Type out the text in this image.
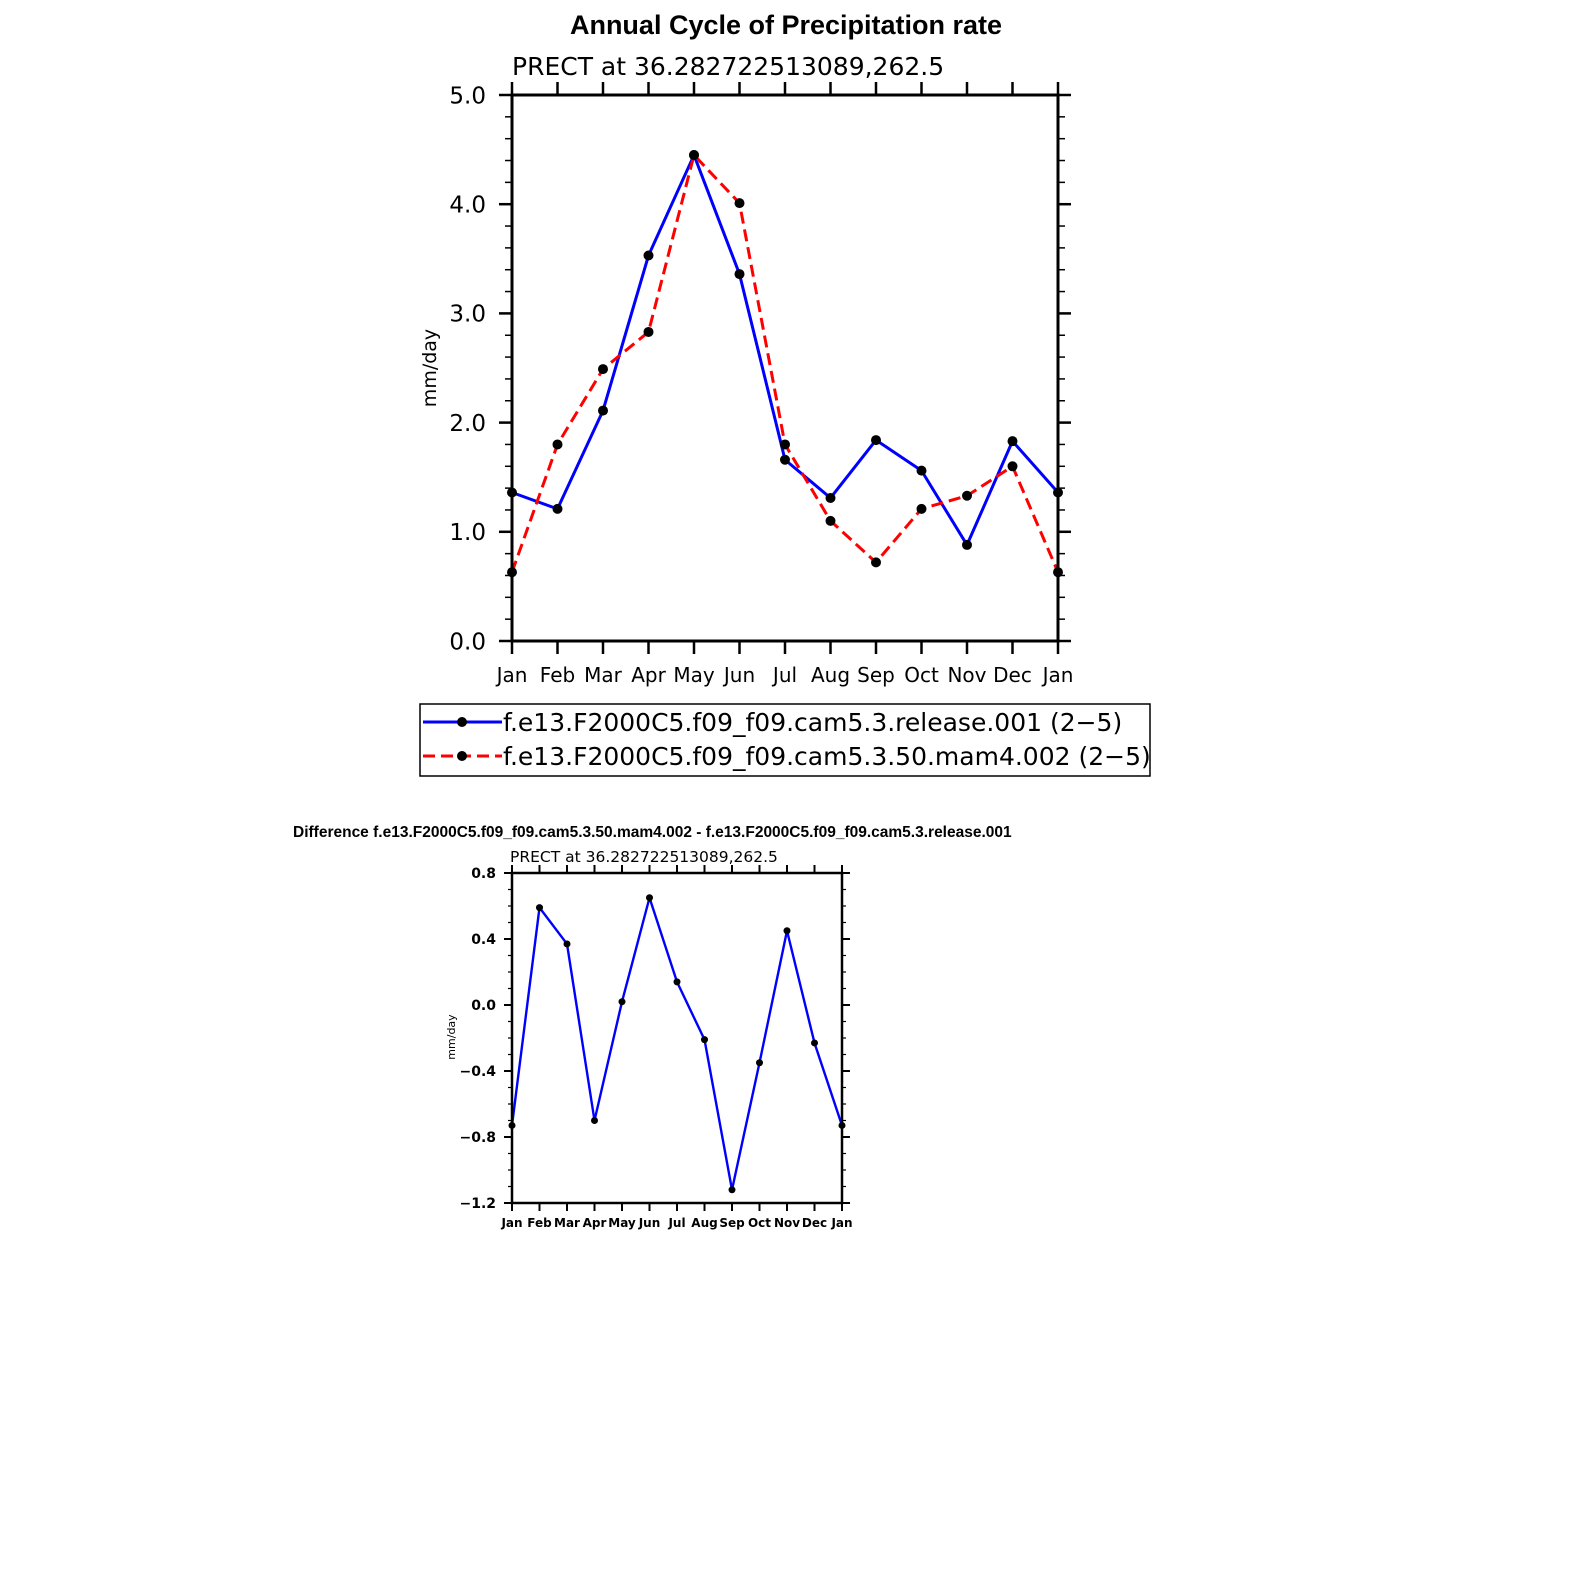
Annual Cycle of Precipitation rate
PRECT at 36.282722513089,262.5
mm/day
Jan Feb Mar Apr May Jun Jul Aug Sep Oct Nov Dec Jan
0.0
1.0
2.0
3.0
4.0
5.0
f.e13.F2000C5.f09_f09.cam5.3.release.001 (2−5)
f.e13.F2000C5.f09_f09.cam5.3.50.mam4.002 (2−5)
Difference f.e13.F2000C5.f09_f09.cam5.3.50.mam4.002 - f.e13.F2000C5.f09_f09.cam5.3.release.001
PRECT at 36.282722513089,262.5
mm/day
Jan Feb Mar Apr May Jun Jul Aug Sep Oct Nov Dec Jan
−1.2
−0.8
−0.4
0.0
0.4
0.8
